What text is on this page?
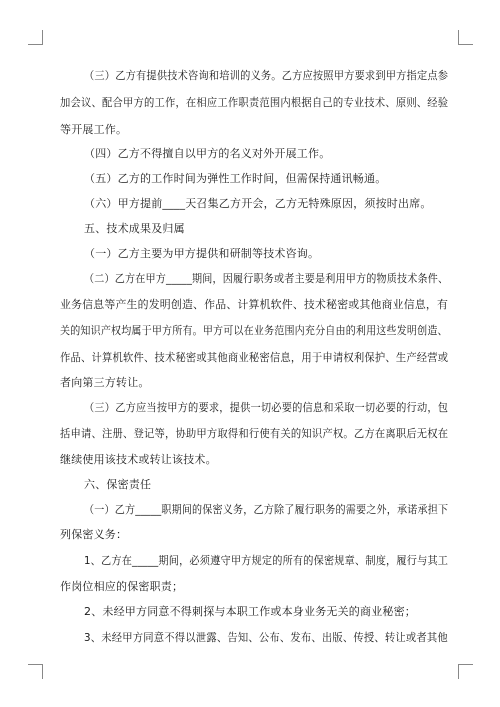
（三）乙方有提供技术咨询和培训的义务。乙方应按照甲方要求到甲方指定点参
加会议、配合甲方的工作，在相应工作职责范围内根据自己的专业技术、原则、经验
等开展工作。
（四）乙方不得擅自以甲方的名义对外开展工作。
（五）乙方的工作时间为弹性工作时间，但需保持通讯畅通。
（六）甲方提前____天召集乙方开会，乙方无特殊原因，须按时出席。
五、技术成果及归属
（一）乙方主要为甲方提供和研制等技术咨询。
（二）乙方在甲方_____期间，因履行职务或者主要是利用甲方的物质技术条件、
业务信息等产生的发明创造、作品、计算机软件、技术秘密或其他商业信息，有
关的知识产权均属于甲方所有。甲方可以在业务范围内充分自由的利用这些发明创造、
作品、计算机软件、技术秘密或其他商业秘密信息，用于申请权利保护、生产经营或
者向第三方转让。
（三）乙方应当按甲方的要求，提供一切必要的信息和采取一切必要的行动，包
括申请、注册、登记等，协助甲方取得和行使有关的知识产权。乙方在离职后无权在
继续使用该技术或转让该技术。
六、保密责任
（一）乙方_____职期间的保密义务，乙方除了履行职务的需要之外，承诺承担下
列保密义务：
1、乙方在_____期间，必须遵守甲方规定的所有的保密规章、制度，履行与其工
作岗位相应的保密职责；
2、未经甲方同意不得刺探与本职工作或本身业务无关的商业秘密；
3、未经甲方同意不得以泄露、告知、公布、发布、出版、传授、转让或者其他
